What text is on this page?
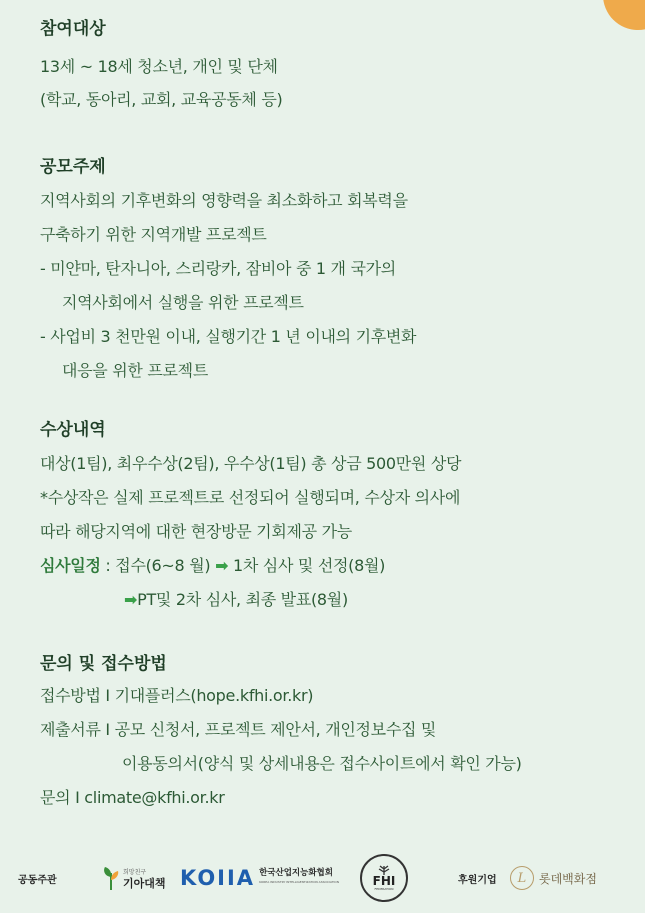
참여대상

13세 ~ 18세 청소년, 개인 및 단체

(학교, 동아리, 교회, 교육공동체 등)

공모주제

지역사회의 기후변화의 영향력을 최소화하고 회복력을

구축하기 위한 지역개발 프로젝트

- 미얀마, 탄자니아, 스리랑카, 잠비아 중 1 개 국가의

지역사회에서 실행을 위한 프로젝트

- 사업비 3 천만원 이내, 실행기간 1 년 이내의 기후변화

대응을 위한 프로젝트

수상내역

대상(1팀), 최우수상(2팀), 우수상(1팀) 총 상금 500만원 상당

*수상작은 실제 프로젝트로 선정되어 실행되며, 수상자 의사에

따라 해당지역에 대한 현장방문 기회제공 가능

심사일정 : 접수(6~8 월) ➡ 1차 심사 및 선정(8월)

➡PT및 2차 심사, 최종 발표(8월)

문의 및 접수방법

접수방법 I 기대플러스(hope.kfhi.or.kr)

제출서류 I 공모 신청서, 프로젝트 제안서, 개인정보수집 및

이용동의서(양식 및 상세내용은 접수사이트에서 확인 가능)

문의 I climate@kfhi.or.kr

공동주관
희망친구
기아대책 KOIIA 한국산업지능화협회
KOREA INDUSTRY INTELLIGENTIZATION ASSOCIATION	FHI
FEDERATION
후원기업	L	롯데백화점
